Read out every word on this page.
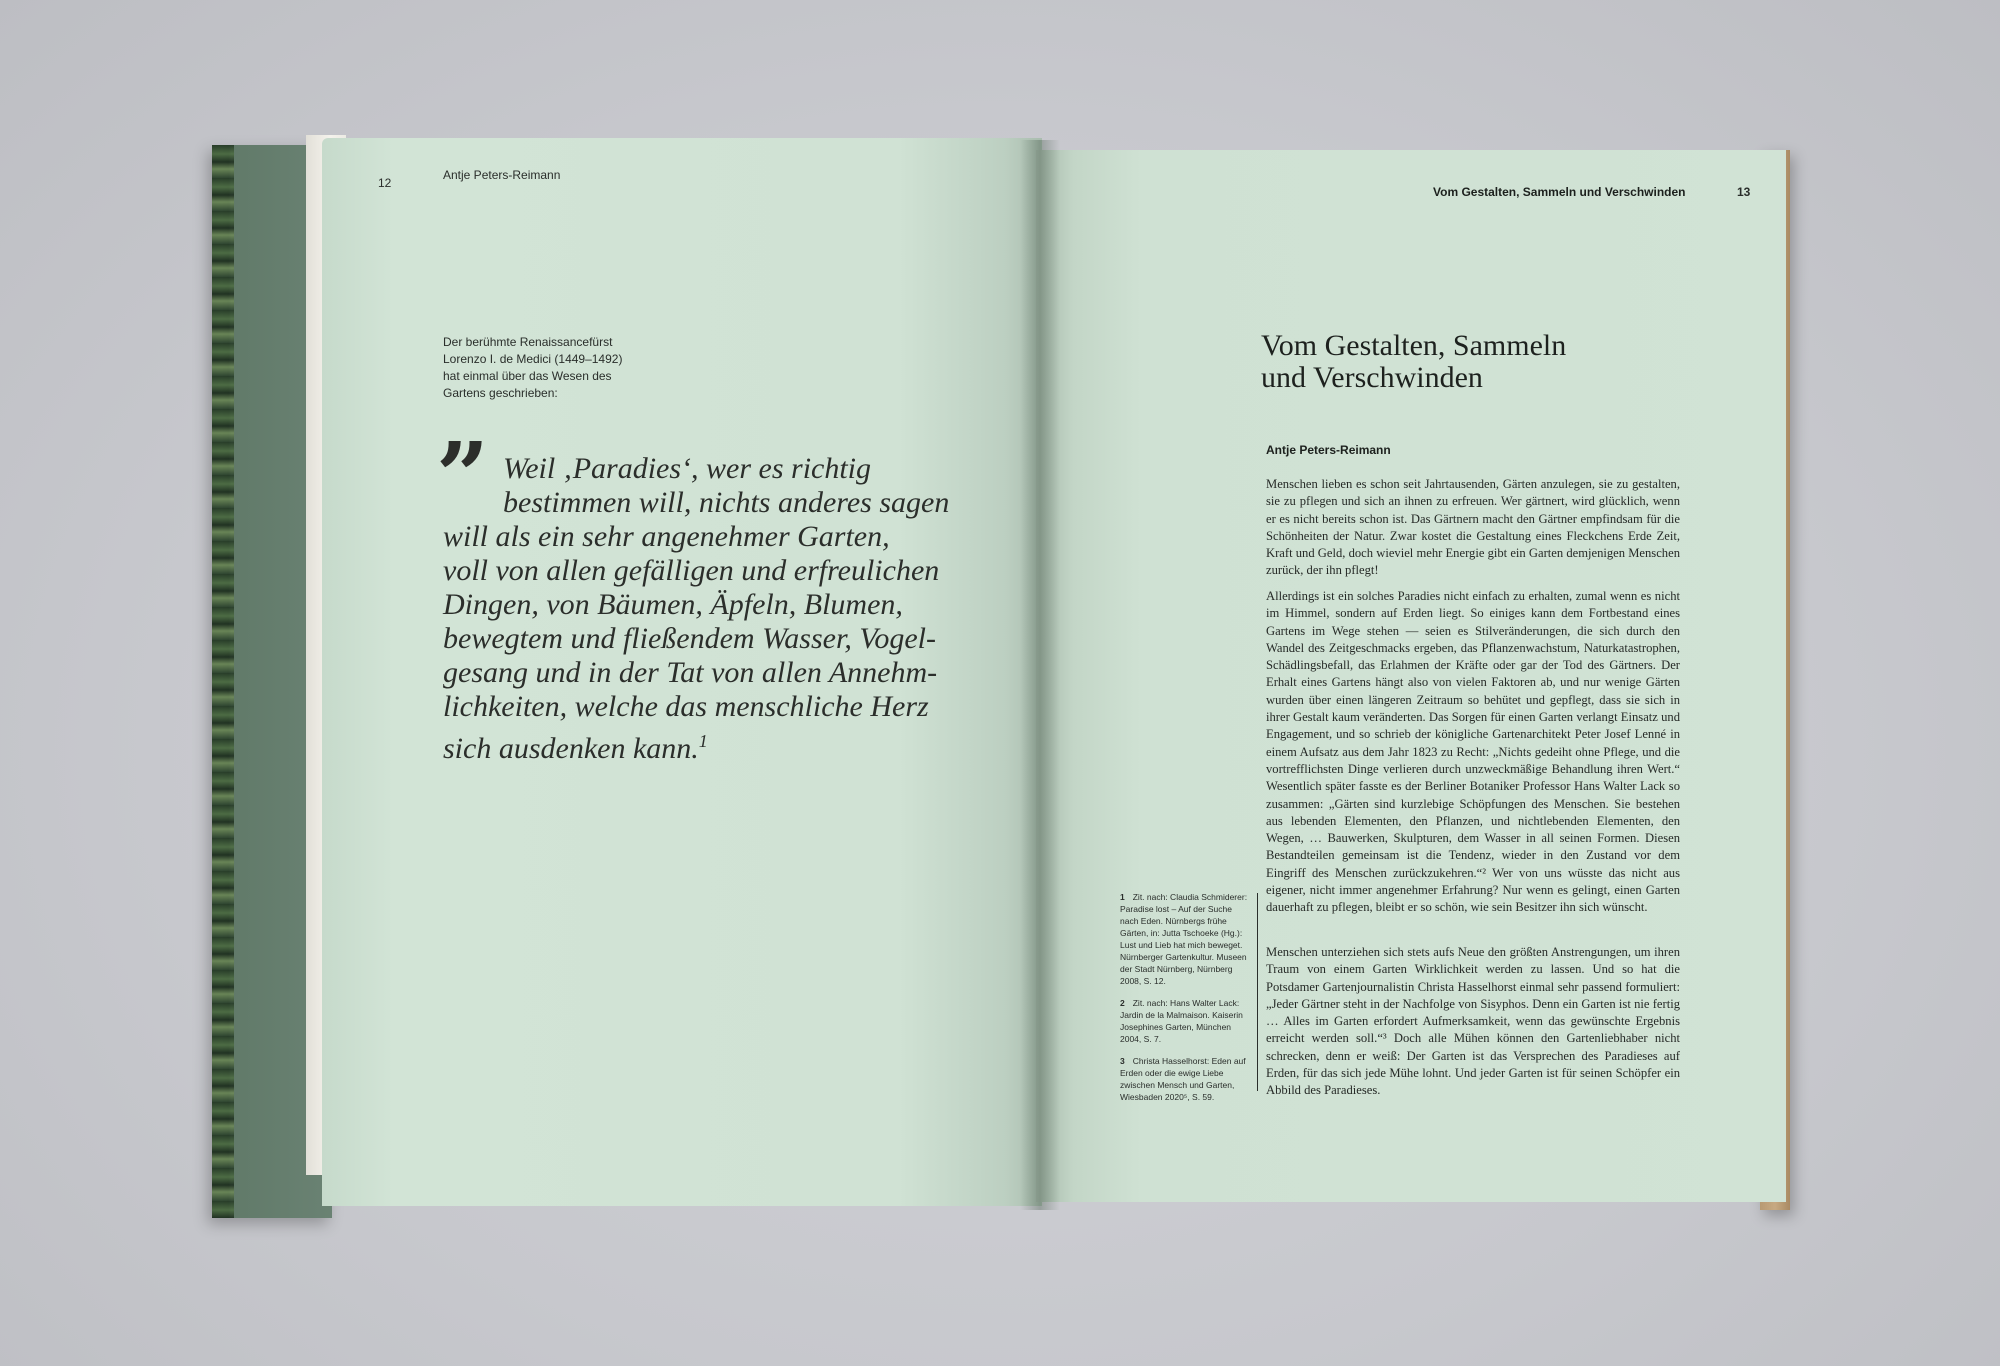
12
Antje Peters-Reimann
Der berühmte Renaissancefürst
Lorenzo I. de Medici (1449–1492)
hat einmal über das Wesen des
Gartens geschrieben:
” Weil ‚Paradies‘, wer es richtig
bestimmen will, nichts anderes sagen
will als ein sehr angenehmer Garten,
voll von allen gefälligen und erfreulichen
Dingen, von Bäumen, Äpfeln, Blumen,
bewegtem und fließendem Wasser, Vogel-
gesang und in der Tat von allen Annehm-
lichkeiten, welche das menschliche Herz
sich ausdenken kann.$^1$
Vom Gestalten, Sammeln und Verschwinden	13
Vom Gestalten, Sammeln
und Verschwinden
Antje Peters-Reimann
Menschen lieben es schon seit Jahrtausenden, Gärten anzulegen, sie zu gestalten, sie zu pflegen und sich an ihnen zu erfreuen. Wer gärtnert, wird glücklich, wenn er es nicht bereits schon ist. Das Gärtnern macht den Gärtner empfindsam für die Schönheiten der Natur. Zwar kostet die Gestaltung eines Fleckchens Erde Zeit, Kraft und Geld, doch wieviel mehr Energie gibt ein Garten demjenigen Menschen zurück, der ihn pflegt!
Allerdings ist ein solches Paradies nicht einfach zu erhalten, zumal wenn es nicht im Himmel, sondern auf Erden liegt. So einiges kann dem Fortbestand eines Gartens im Wege stehen — seien es Stilveränderungen, die sich durch den Wandel des Zeitgeschmacks ergeben, das Pflanzenwachstum, Naturkatastrophen, Schädlingsbefall, das Erlahmen der Kräfte oder gar der Tod des Gärtners. Der Erhalt eines Gartens hängt also von vielen Faktoren ab, und nur wenige Gärten wurden über einen längeren Zeitraum so behütet und gepflegt, dass sie sich in ihrer Gestalt kaum veränderten. Das Sorgen für einen Garten verlangt Einsatz und Engagement, und so schrieb der königliche Gartenarchitekt Peter Josef Lenné in einem Aufsatz aus dem Jahr 1823 zu Recht: „Nichts gedeiht ohne Pflege, und die vortrefflichsten Dinge verlieren durch unzweckmäßige Behandlung ihren Wert.“ Wesentlich später fasste es der Berliner Botaniker Professor Hans Walter Lack so zusammen: „Gärten sind kurzlebige Schöpfungen des Menschen. Sie bestehen aus lebenden Elementen, den Pflanzen, und nichtlebenden Elementen, den Wegen, … Bauwerken, Skulpturen, dem Wasser in all seinen Formen. Diesen Bestandteilen gemeinsam ist die Tendenz, wieder in den Zustand vor dem Eingriff des Menschen zurückzukehren.“² Wer von uns wüsste das nicht aus eigener, nicht immer angenehmer Erfahrung? Nur wenn es gelingt, einen Garten dauerhaft zu pflegen, bleibt er so schön, wie sein Besitzer ihn sich wünscht.
Menschen unterziehen sich stets aufs Neue den größten Anstrengungen, um ihren Traum von einem Garten Wirklichkeit werden zu lassen. Und so hat die Potsdamer Gartenjournalistin Christa Hasselhorst einmal sehr passend formuliert: „Jeder Gärtner steht in der Nachfolge von Sisyphos. Denn ein Garten ist nie fertig … Alles im Garten erfordert Aufmerksamkeit, wenn das gewünschte Ergebnis erreicht werden soll.“³ Doch alle Mühen können den Gartenliebhaber nicht schrecken, denn er weiß: Der Garten ist das Versprechen des Paradieses auf Erden, für das sich jede Mühe lohnt. Und jeder Garten ist für seinen Schöpfer ein Abbild des Paradieses.
1 Zit. nach: Claudia Schmiderer: Paradise lost – Auf der Suche nach Eden. Nürnbergs frühe Gärten, in: Jutta Tschoeke (Hg.): Lust und Lieb hat mich beweget. Nürnberger Gartenkultur. Museen der Stadt Nürnberg, Nürnberg 2008, S. 12.
2 Zit. nach: Hans Walter Lack: Jardin de la Malmaison. Kaiserin Josephines Garten, München 2004, S. 7.
3 Christa Hasselhorst: Eden auf Erden oder die ewige Liebe zwischen Mensch und Garten, Wiesbaden 2020⁵, S. 59.
